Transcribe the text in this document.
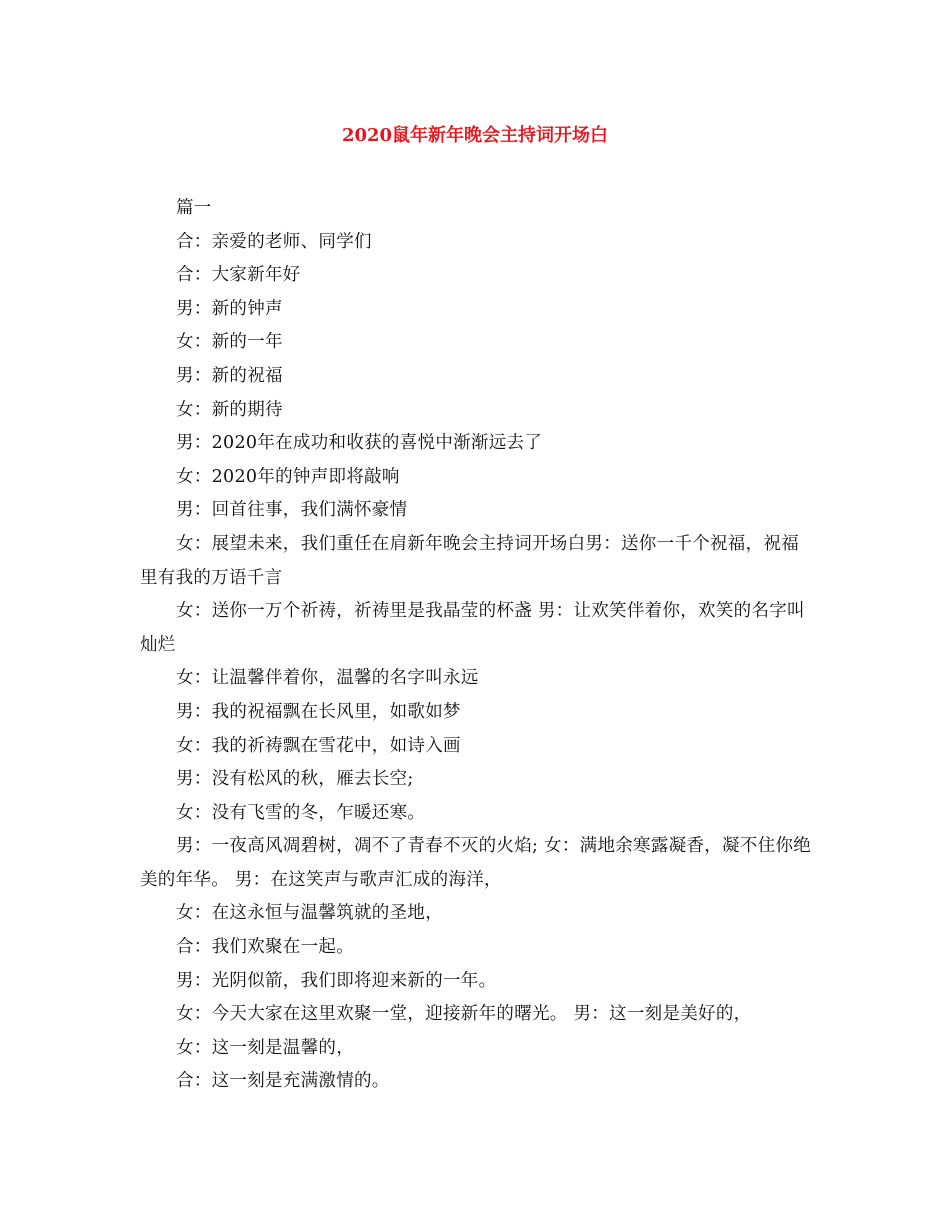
2020鼠年新年晚会主持词开场白

篇一

合：亲爱的老师、同学们

合：大家新年好

男：新的钟声

女：新的一年

男：新的祝福

女：新的期待

男：2020年在成功和收获的喜悦中渐渐远去了

女：2020年的钟声即将敲响

男：回首往事，我们满怀豪情

女：展望未来，我们重任在肩新年晚会主持词开场白男：送你一千个祝福，祝福里有我的万语千言

女：送你一万个祈祷，祈祷里是我晶莹的杯盏 男：让欢笑伴着你，欢笑的名字叫灿烂

女：让温馨伴着你，温馨的名字叫永远

男：我的祝福飘在长风里，如歌如梦

女：我的祈祷飘在雪花中，如诗入画

男：没有松风的秋，雁去长空;

女：没有飞雪的冬，乍暖还寒。

男：一夜高风凋碧树，凋不了青春不灭的火焰; 女：满地余寒露凝香，凝不住你绝美的年华。 男：在这笑声与歌声汇成的海洋，

女：在这永恒与温馨筑就的圣地，

合：我们欢聚在一起。

男：光阴似箭，我们即将迎来新的一年。

女：今天大家在这里欢聚一堂，迎接新年的曙光。 男：这一刻是美好的，

女：这一刻是温馨的，

合：这一刻是充满激情的。
